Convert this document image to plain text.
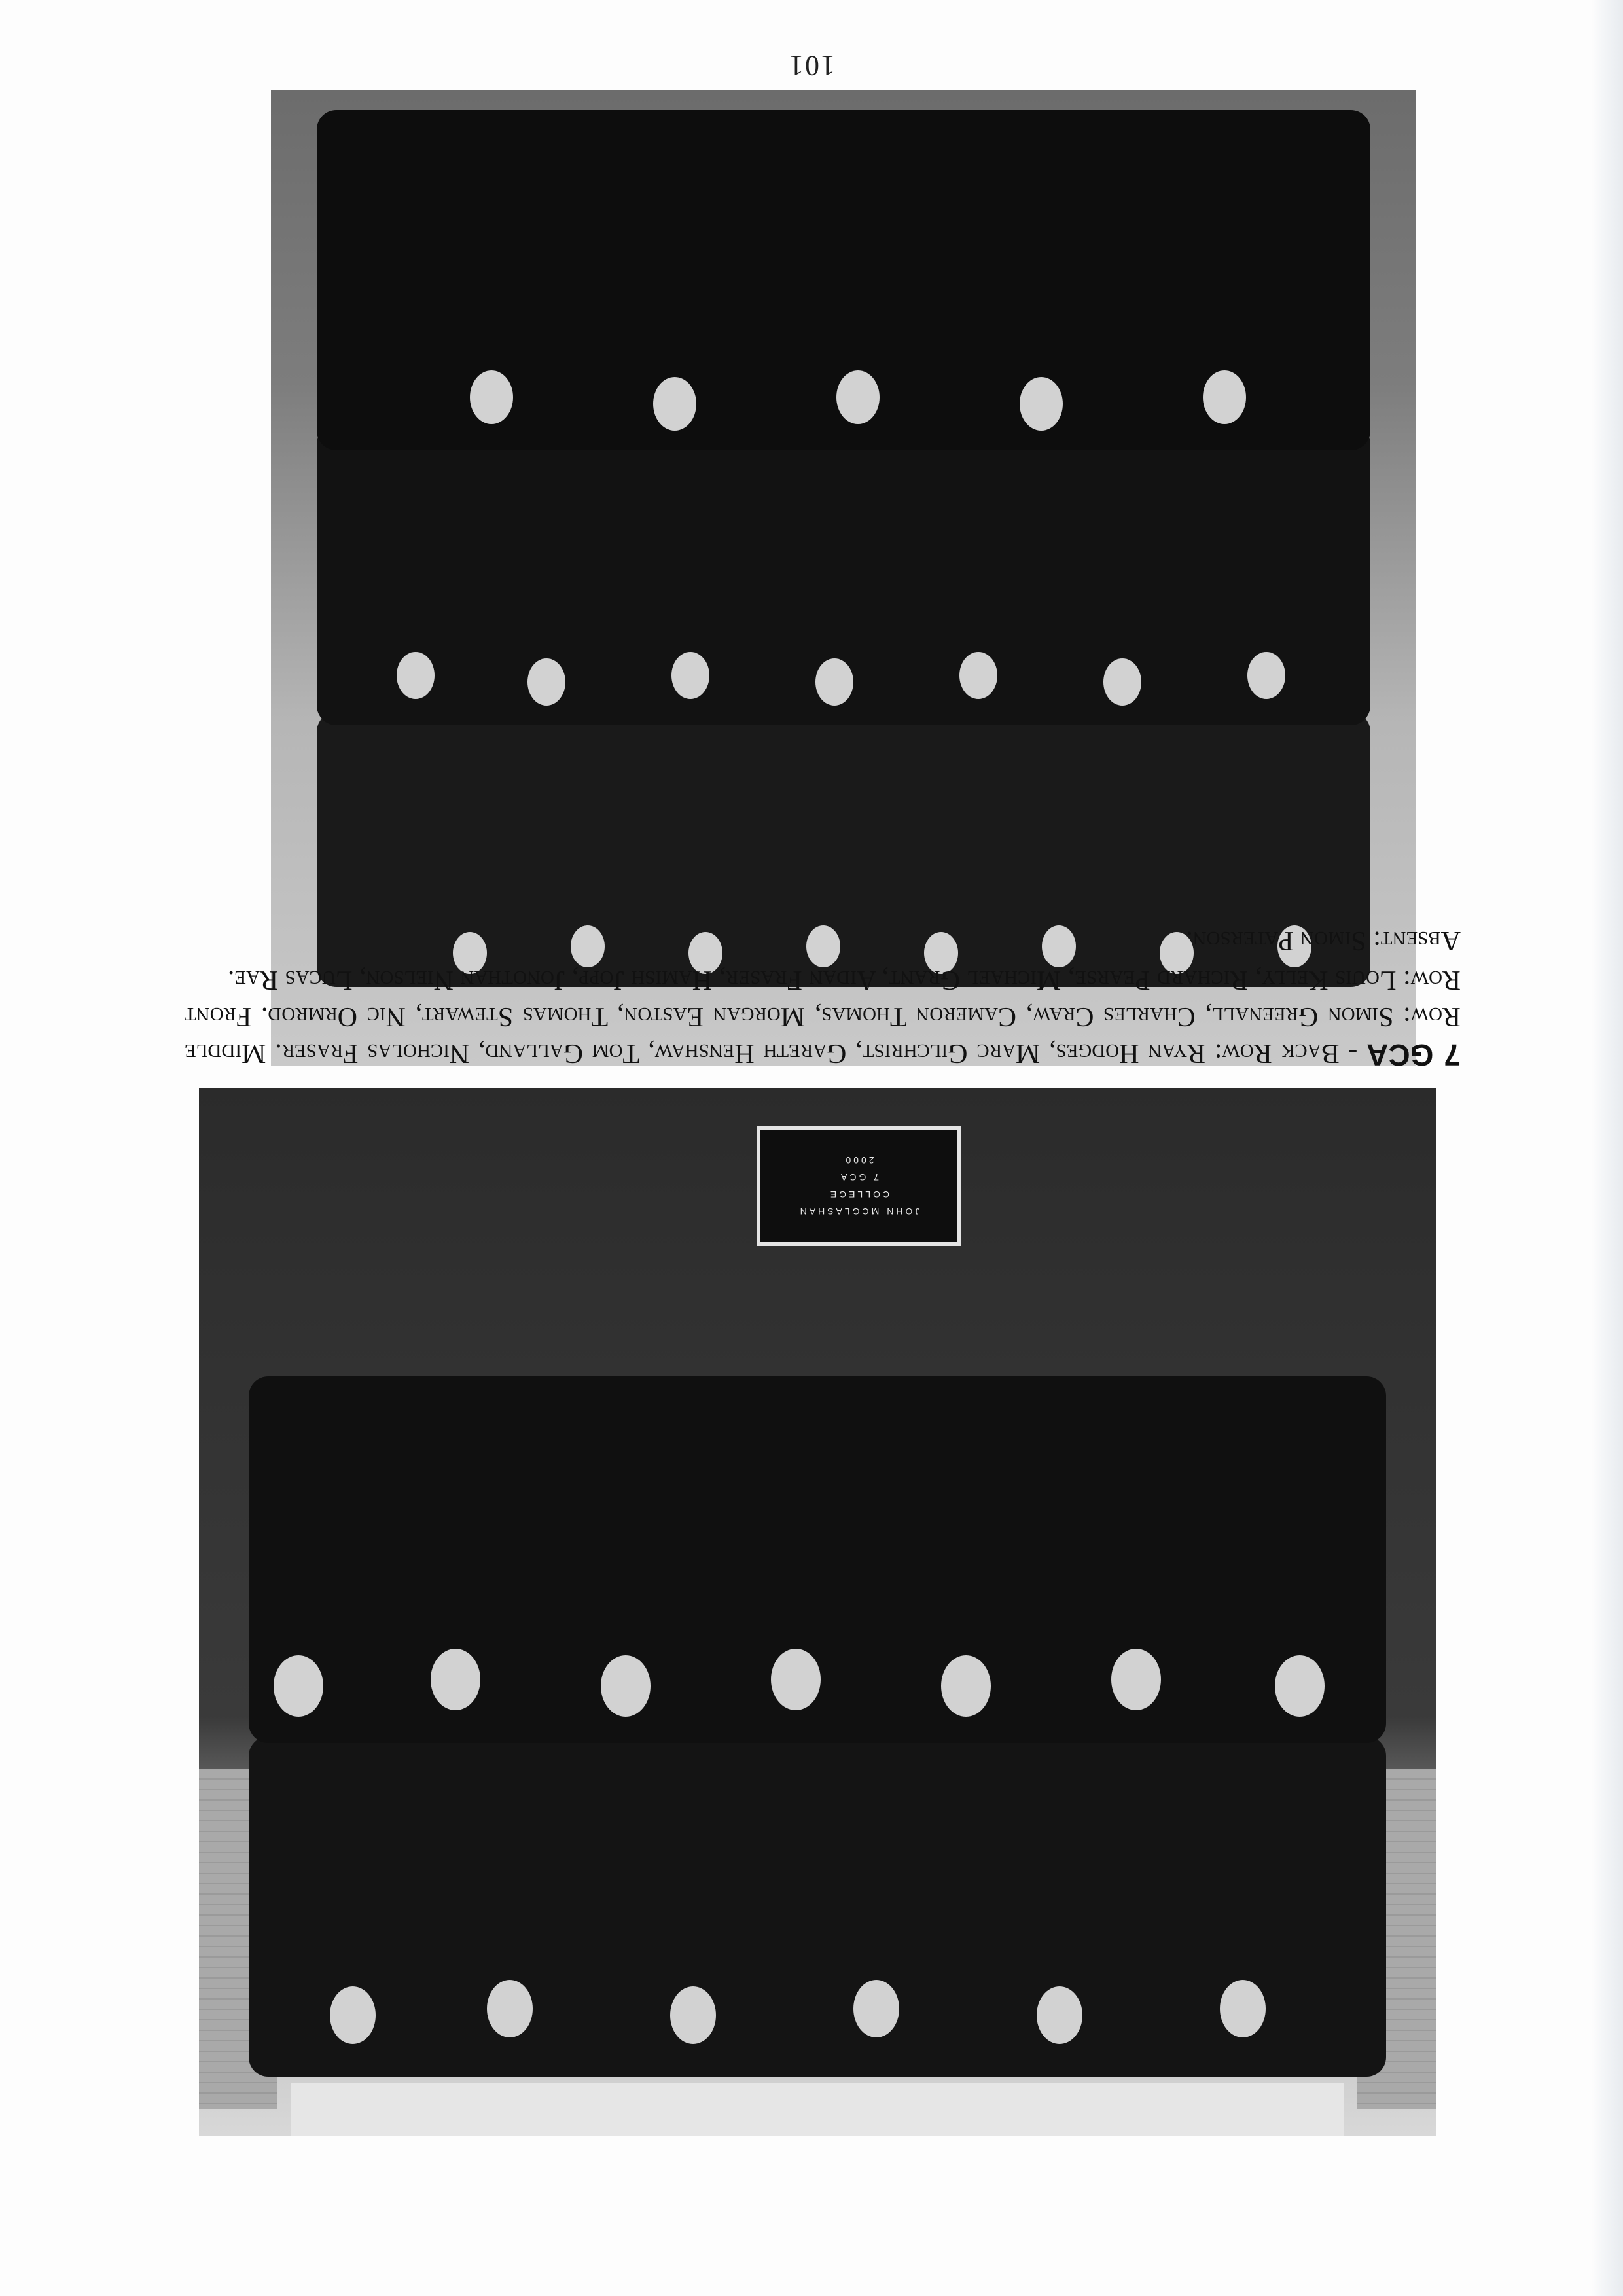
7 GCA - Back Row: Ryan Hodges, Marc Gilchrist, Gareth Henshaw, Tom Galland, Nicholas Fraser. Middle Row: Simon Greenall, Charles Craw, Cameron Thomas, Morgan Easton, Thomas Stewart, Nic Ormrod. Front Row: Louis Kelly, Richard Pearse, Michael Grant, Aidan Fraser, Hamish Jopp, Jonothan Nielson, Lucas Rae.

Absent: Simon Paterson.

JOHN MCGLASHAN
COLLEGE
7 GCA
2000
101
